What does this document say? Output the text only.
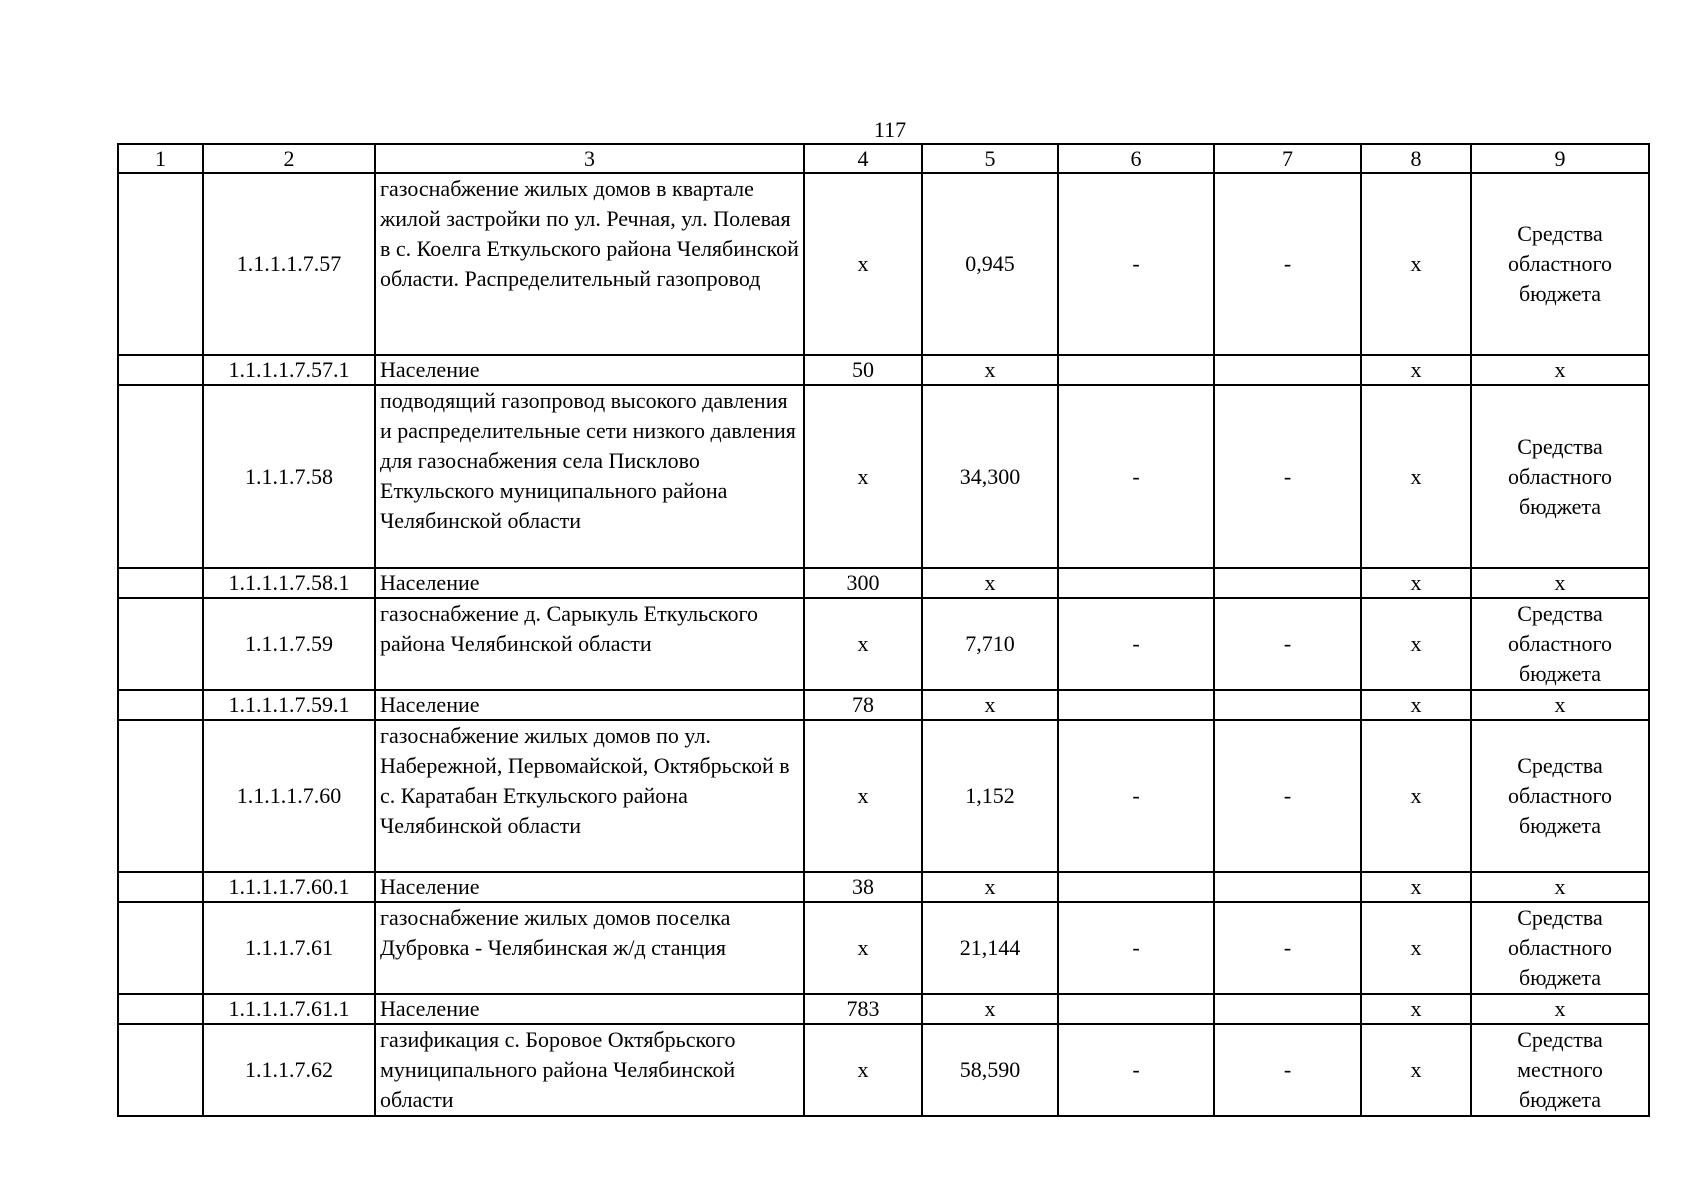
117
1	2	3	4	5	6	7	8	9
	1.1.1.1.7.57	газоснабжение жилых домов в квартале жилой застройки по ул. Речная, ул. Полевая в с. Коелга Еткульского района Челябинской области. Распределительный газопровод	х	0,945	-	-	х	Средства областного бюджета
	1.1.1.1.7.57.1	Население	50	х			х	х
	1.1.1.7.58	подводящий газопровод высокого давления и распределительные сети низкого давления для газоснабжения села Писклово Еткульского муниципального района Челябинской области	х	34,300	-	-	х	Средства областного бюджета
	1.1.1.1.7.58.1	Население	300	х			х	х
	1.1.1.7.59	газоснабжение д. Сарыкуль Еткульского района Челябинской области	х	7,710	-	-	х	Средства областного бюджета
	1.1.1.1.7.59.1	Население	78	х			х	х
	1.1.1.1.7.60	газоснабжение жилых домов по ул. Набережной, Первомайской, Октябрьской в с. Каратабан Еткульского района Челябинской области	х	1,152	-	-	х	Средства областного бюджета
	1.1.1.1.7.60.1	Население	38	х			х	х
	1.1.1.7.61	газоснабжение жилых домов поселка Дубровка - Челябинская ж/д станция	х	21,144	-	-	х	Средства областного бюджета
	1.1.1.1.7.61.1	Население	783	х			х	х
	1.1.1.7.62	газификация с. Боровое Октябрьского муниципального района Челябинской области	х	58,590	-	-	х	Средства местного бюджета
